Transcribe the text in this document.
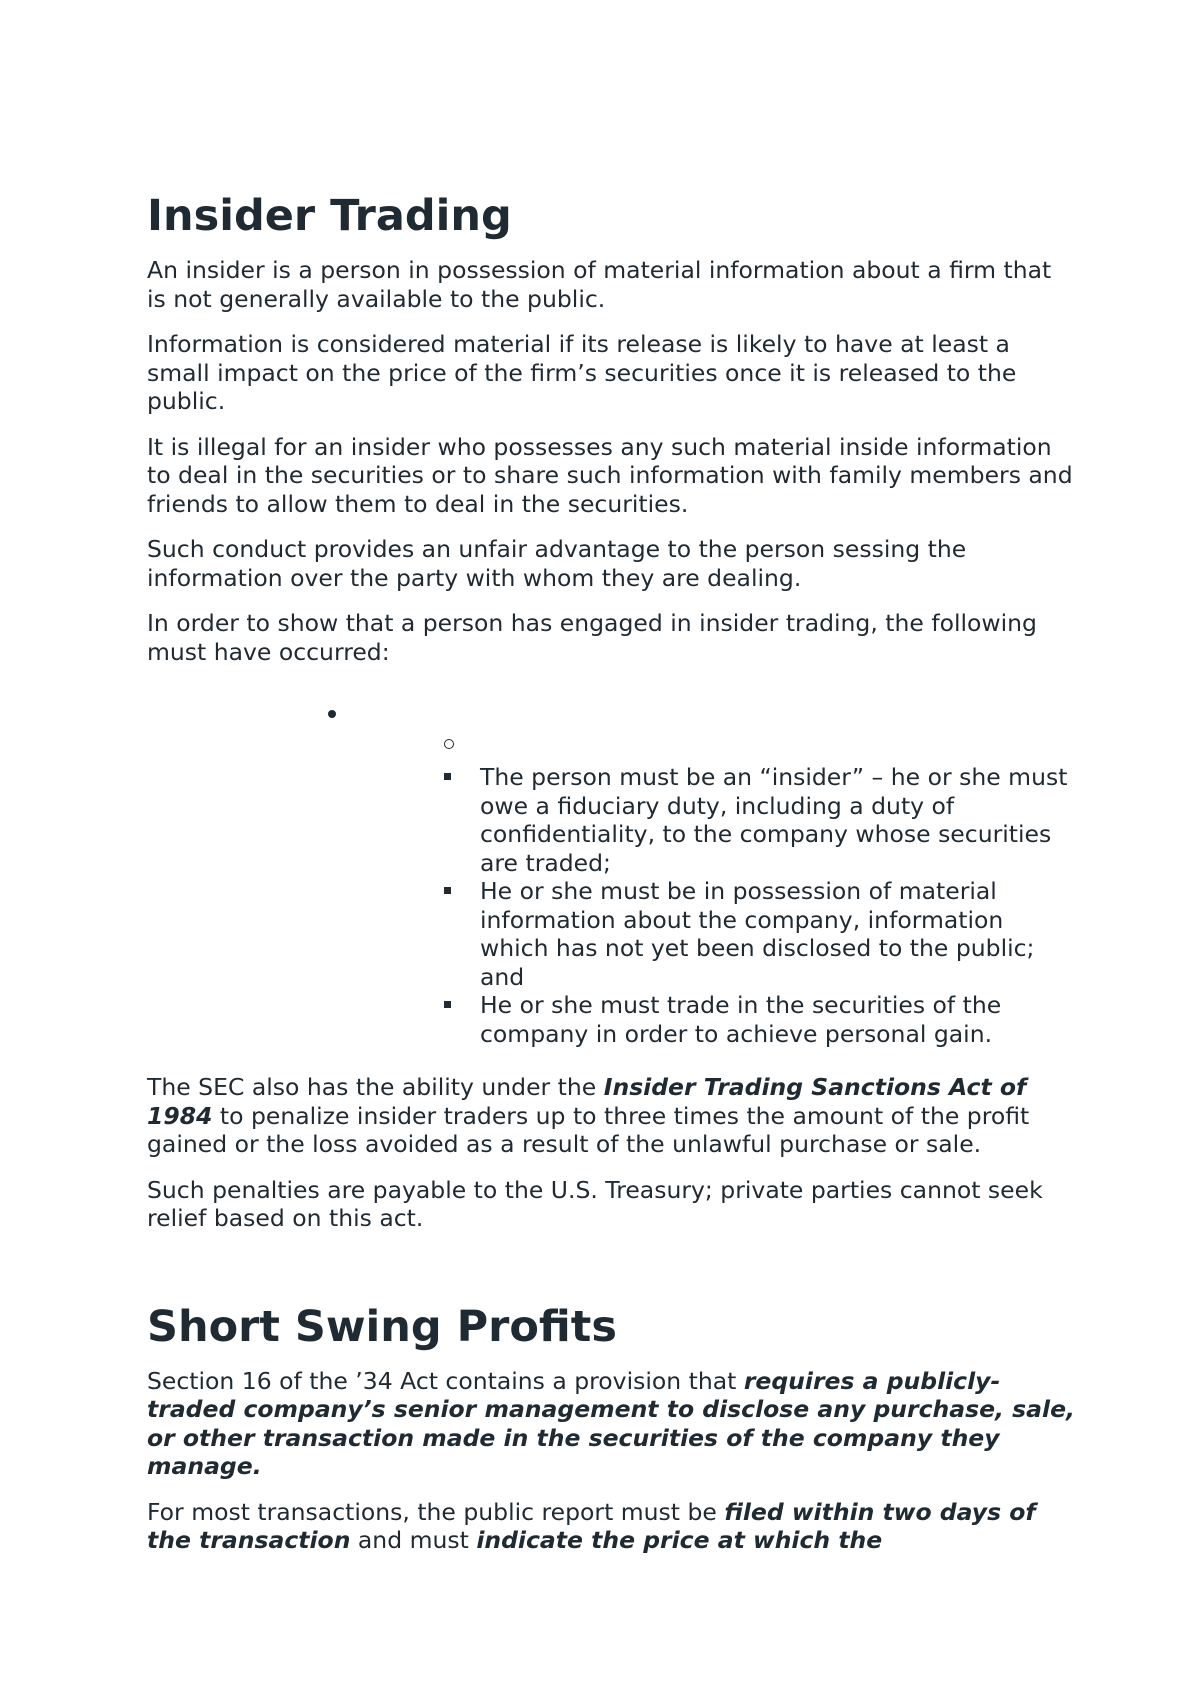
Insider Trading

An insider is a person in possession of material information about a firm that is not generally available to the public.

Information is considered material if its release is likely to have at least a small impact on the price of the firm’s securities once it is released to the public.

It is illegal for an insider who possesses any such material inside information to deal in the securities or to share such information with family members and friends to allow them to deal in the securities.

Such conduct provides an unfair advantage to the person sessing the information over the party with whom they are dealing.

In order to show that a person has engaged in insider trading, the following must have occurred:

The person must be an “insider” – he or she must owe a fiduciary duty, including a duty of confidentiality, to the company whose securities are traded;
He or she must be in possession of material information about the company, information which has not yet been disclosed to the public; and
He or she must trade in the securities of the company in order to achieve personal gain.

The SEC also has the ability under the Insider Trading Sanctions Act of 1984 to penalize insider traders up to three times the amount of the profit gained or the loss avoided as a result of the unlawful purchase or sale.

Such penalties are payable to the U.S. Treasury; private parties cannot seek relief based on this act.

Short Swing Profits

Section 16 of the ’34 Act contains a provision that requires a publicly-traded company’s senior management to disclose any purchase, sale, or other transaction made in the securities of the company they manage.

For most transactions, the public report must be filed within two days of the transaction and must indicate the price at which the
